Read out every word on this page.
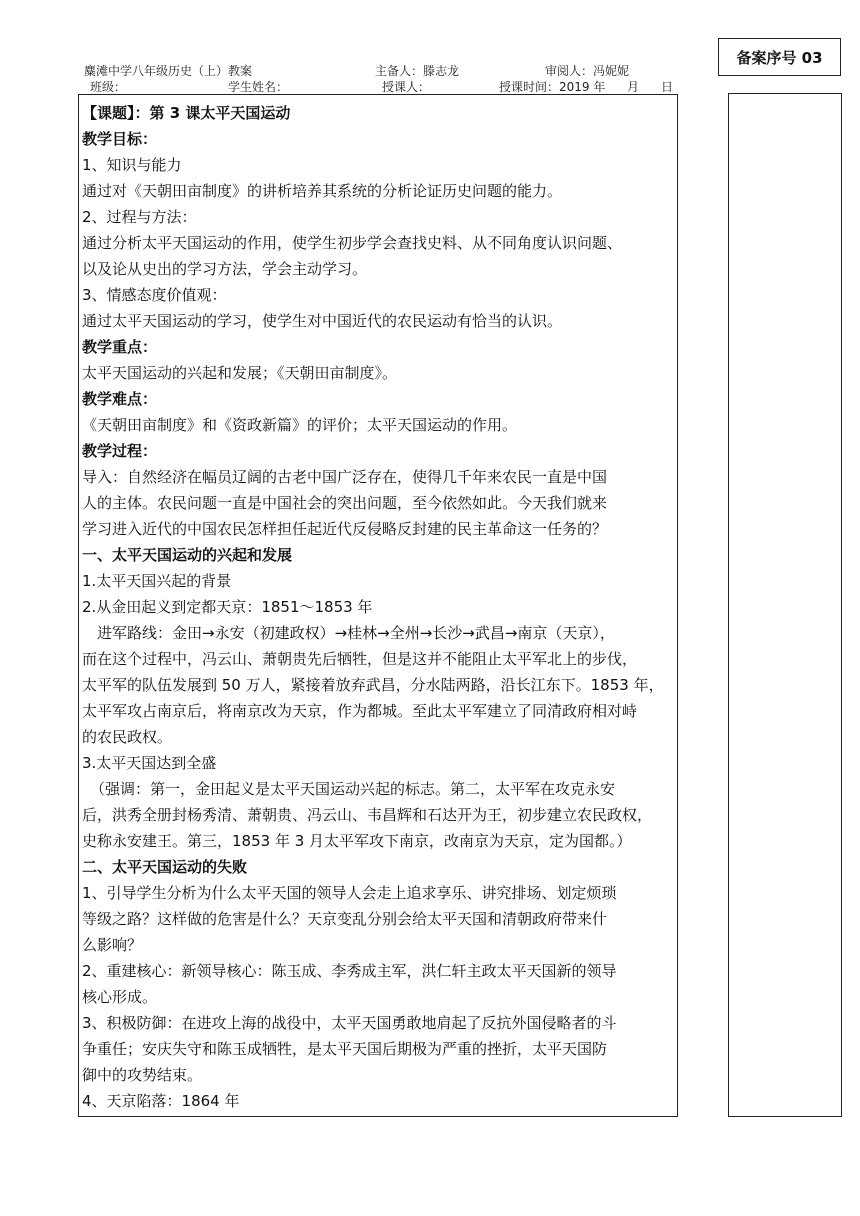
麋滩中学八年级历史（上）教案	主备人：滕志龙	审阅人：冯妮妮
班级：	学生姓名：	授课人：	授课时间：2019 年 月 日
备案序号 03

【课题】：第 3 课太平天国运动

教学目标：

1、知识与能力

通过对《天朝田亩制度》的讲析培养其系统的分析论证历史问题的能力。

2、过程与方法：

通过分析太平天国运动的作用，使学生初步学会查找史料、从不同角度认识问题、

以及论从史出的学习方法，学会主动学习。

3、情感态度价值观：

通过太平天国运动的学习，使学生对中国近代的农民运动有恰当的认识。

教学重点：

太平天国运动的兴起和发展；《天朝田亩制度》。

教学难点：

《天朝田亩制度》和《资政新篇》的评价；太平天国运动的作用。

教学过程：

导入：自然经济在幅员辽阔的古老中国广泛存在，使得几千年来农民一直是中国

人的主体。农民问题一直是中国社会的突出问题，至今依然如此。今天我们就来

学习进入近代的中国农民怎样担任起近代反侵略反封建的民主革命这一任务的？

一、太平天国运动的兴起和发展

1.太平天国兴起的背景

2.从金田起义到定都天京：1851～1853 年

进军路线：金田→永安（初建政权）→桂林→全州→长沙→武昌→南京（天京），

而在这个过程中，冯云山、萧朝贵先后牺牲，但是这并不能阻止太平军北上的步伐，

太平军的队伍发展到 50 万人，紧接着放弃武昌，分水陆两路，沿长江东下。1853 年，

太平军攻占南京后，将南京改为天京，作为都城。至此太平军建立了同清政府相对峙

的农民政权。

3.太平天国达到全盛

（强调：第一，金田起义是太平天国运动兴起的标志。第二，太平军在攻克永安

后，洪秀全册封杨秀清、萧朝贵、冯云山、韦昌辉和石达开为王，初步建立农民政权，

史称永安建王。第三，1853 年 3 月太平军攻下南京，改南京为天京，定为国都。）

二、太平天国运动的失败

1、引导学生分析为什么太平天国的领导人会走上追求享乐、讲究排场、划定烦琐

等级之路？这样做的危害是什么？天京变乱分别会给太平天国和清朝政府带来什

么影响？

2、重建核心：新领导核心：陈玉成、李秀成主军，洪仁轩主政太平天国新的领导

核心形成。

3、积极防御：在进攻上海的战役中，太平天国勇敢地肩起了反抗外国侵略者的斗

争重任；安庆失守和陈玉成牺牲，是太平天国后期极为严重的挫折，太平天国防

御中的攻势结束。

4、天京陷落：1864 年
